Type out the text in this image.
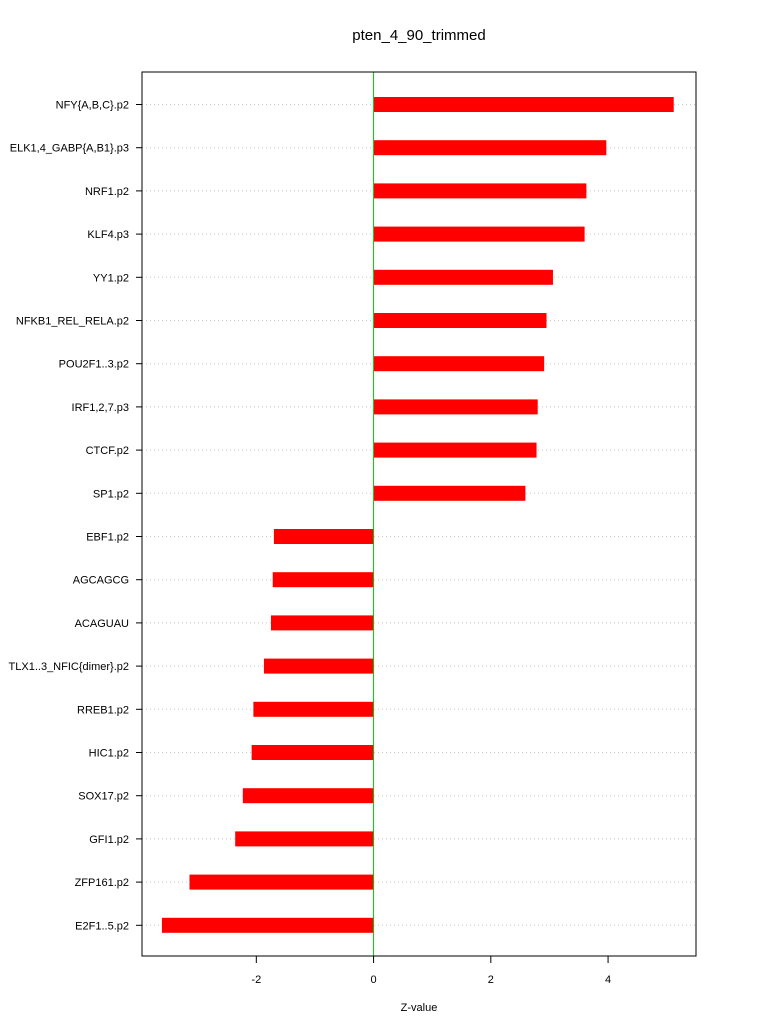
pten_4_90_trimmed
NFY{A,B,C}.p2
ELK1,4_GABP{A,B1}.p3
NRF1.p2
KLF4.p3
YY1.p2
NFKB1_REL_RELA.p2
POU2F1..3.p2
IRF1,2,7.p3
CTCF.p2
SP1.p2
EBF1.p2
AGCAGCG
ACAGUAU
TLX1..3_NFIC{dimer}.p2
RREB1.p2
HIC1.p2
SOX17.p2
GFI1.p2
ZFP161.p2
E2F1..5.p2
-2	0	2	4
Z-value
